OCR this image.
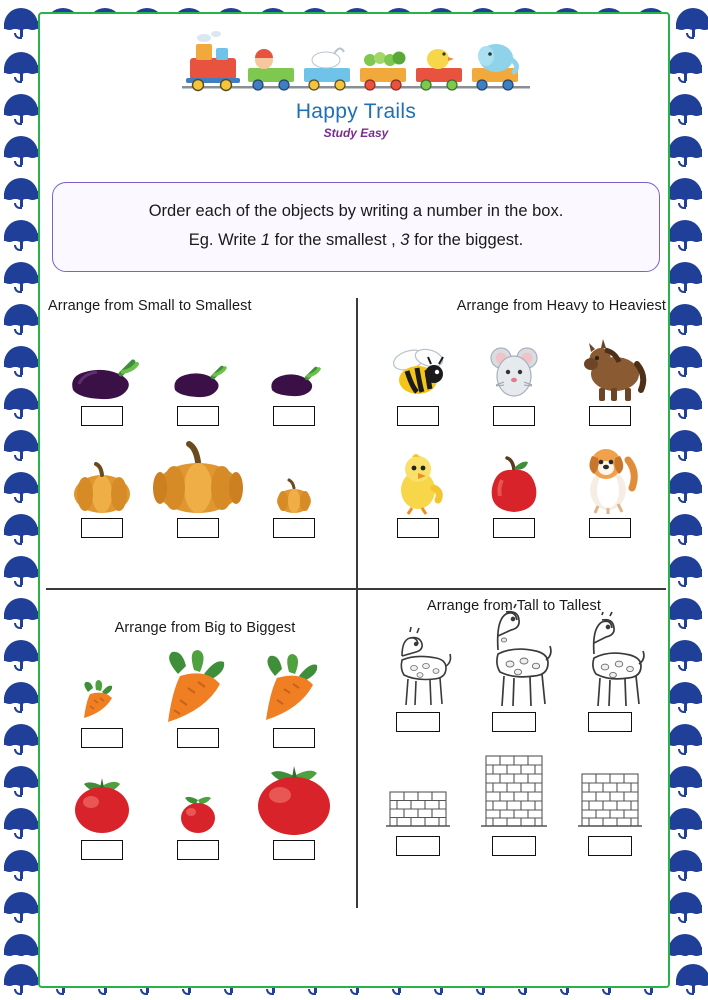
Happy Trails
Study Easy
Order each of the objects by writing a number in the box.
Eg. Write 1 for the smallest , 3 for the biggest.
Arrange from Small to Smallest	Arrange from Heavy to Heaviest
Arrange from Big to Biggest
Arrange from Tall to Tallest
